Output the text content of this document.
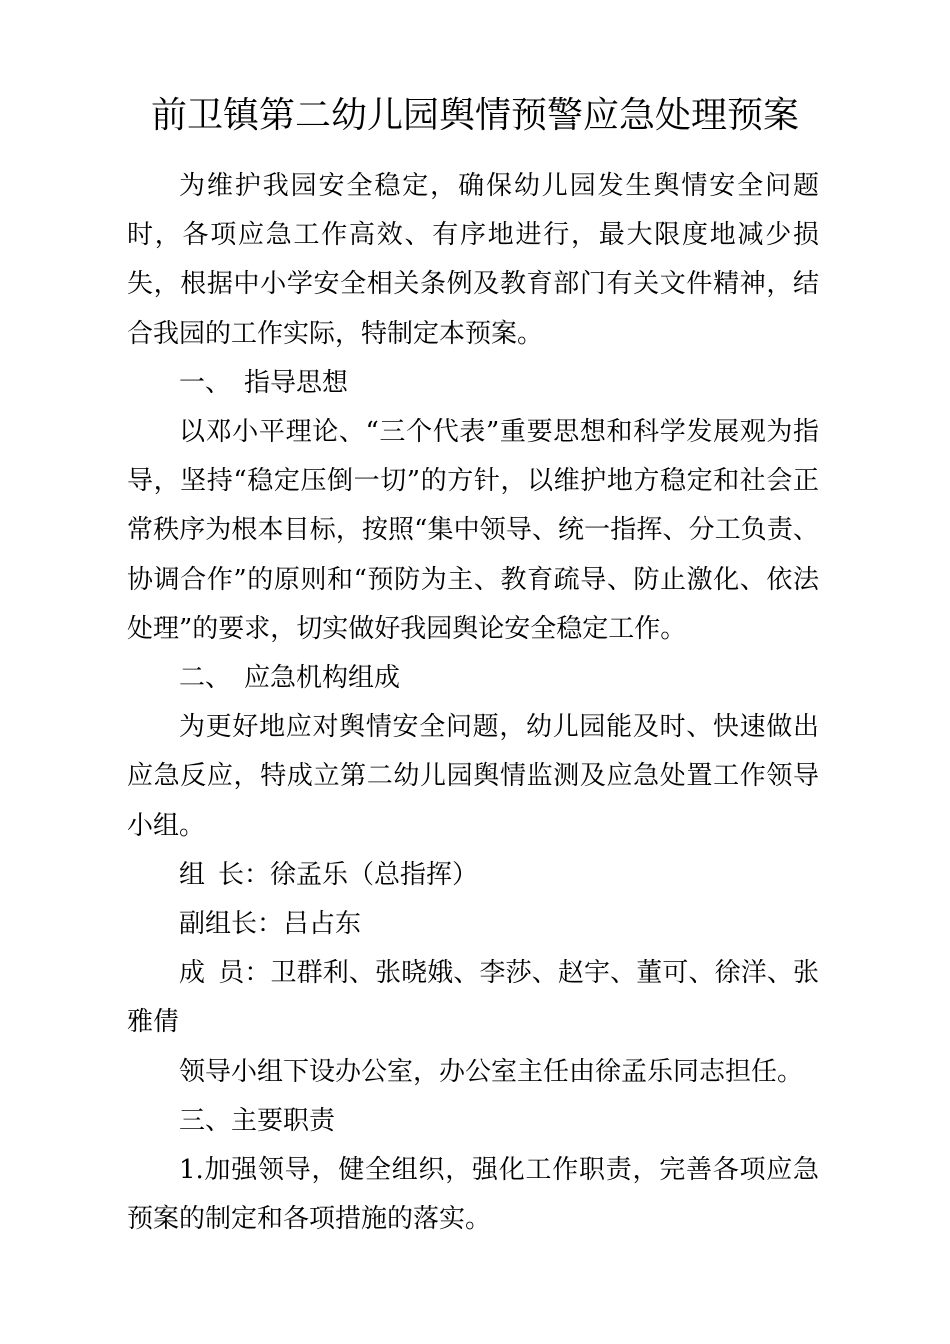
前卫镇第二幼儿园舆情预警应急处理预案

为维护我园安全稳定，确保幼儿园发生舆情安全问题时，各项应急工作高效、有序地进行，最大限度地减少损失，根据中小学安全相关条例及教育部门有关文件精神，结合我园的工作实际，特制定本预案。

一、 指导思想

以邓小平理论、“三个代表”重要思想和科学发展观为指导，坚持“稳定压倒一切”的方针，以维护地方稳定和社会正常秩序为根本目标，按照“集中领导、统一指挥、分工负责、协调合作”的原则和“预防为主、教育疏导、防止激化、依法处理”的要求，切实做好我园舆论安全稳定工作。

二、 应急机构组成

为更好地应对舆情安全问题，幼儿园能及时、快速做出应急反应，特成立第二幼儿园舆情监测及应急处置工作领导小组。

组 长：徐孟乐（总指挥）

副组长：吕占东

成 员：卫群利、张晓娥、李莎、赵宇、董可、徐洋、张雅倩

领导小组下设办公室，办公室主任由徐孟乐同志担任。

三、主要职责

1.加强领导，健全组织，强化工作职责，完善各项应急预案的制定和各项措施的落实。
